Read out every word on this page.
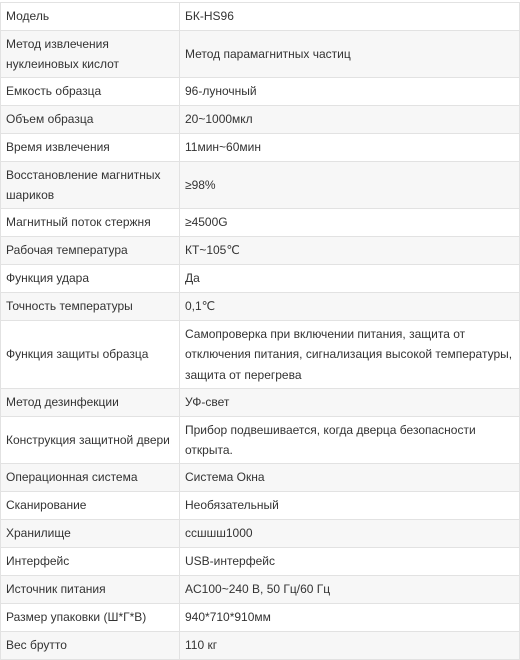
Модель	БК-HS96
Метод извлечения нуклеиновых кислот	Метод парамагнитных частиц
Емкость образца	96-луночный
Объем образца	20~1000мкл
Время извлечения	11мин~60мин
Восстановление магнитных шариков	≥98%
Магнитный поток стержня	≥4500G
Рабочая температура	КТ~105℃
Функция удара	Да
Точность температуры	0,1℃
Функция защиты образца	Самопроверка при включении питания, защита от отключения питания, сигнализация высокой температуры, защита от перегрева
Метод дезинфекции	УФ-свет
Конструкция защитной двери	Прибор подвешивается, когда дверца безопасности открыта.
Операционная система	Система Окна
Сканирование	Необязательный
Хранилище	ссшшш1000
Интерфейс	USB-интерфейс
Источник питания	AC100~240 В, 50 Гц/60 Гц
Размер упаковки (Ш*Г*В)	940*710*910мм
Вес брутто	110 кг
